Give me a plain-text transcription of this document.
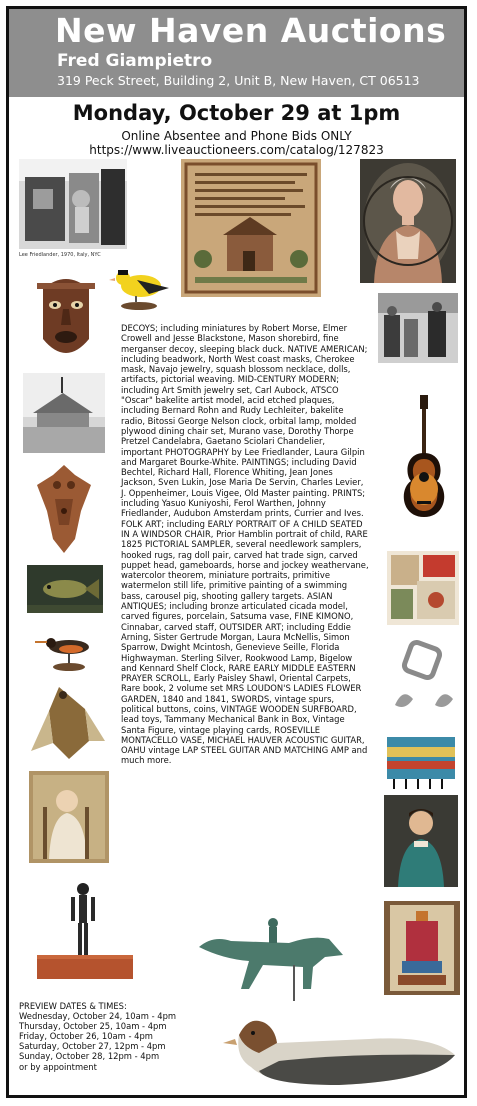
New Haven Auctions
Fred Giampietro
319 Peck Street, Building 2, Unit B, New Haven, CT 06513
Monday, October 29 at 1pm
Online Absentee and Phone Bids ONLY
https://www.liveauctioneers.com/catalog/127823
Lee Friedlander, 1970, Italy, NYC
DECOYS; including miniatures by Robert Morse, Elmer Crowell and Jesse Blackstone, Mason shorebird, fine merganser decoy, sleeping black duck. NATIVE AMERICAN; including beadwork, North West coast masks, Cherokee mask, Navajo jewelry, squash blossom necklace, dolls, artifacts, pictorial weaving. MID-CENTURY MODERN; including Art Smith jewelry set, Carl Aubock, ATSCO "Oscar" bakelite artist model, acid etched plaques, including Bernard Rohn and Rudy Lechleiter, bakelite radio, Bitossi George Nelson clock, orbital lamp, molded plywood dining chair set, Murano vase, Dorothy Thorpe Pretzel Candelabra, Gaetano Sciolari Chandelier, important PHOTOGRAPHY by Lee Friedlander, Laura Gilpin and Margaret Bourke-White. PAINTINGS; including David Bechtel, Richard Hall, Florence Whiting, Jean Jones Jackson, Sven Lukin, Jose Maria De Servin, Charles Levier, J. Oppenheimer, Louis Vigee, Old Master painting. PRINTS; including Yasuo Kuniyoshi, Ferol Warthen, Johnny Friedlander, Audubon Amsterdam prints, Currier and Ives. FOLK ART; including EARLY PORTRAIT OF A CHILD SEATED IN A WINDSOR CHAIR, Prior Hamblin portrait of child, RARE 1825 PICTORIAL SAMPLER, several needlework samplers, hooked rugs, rag doll pair, carved hat trade sign, carved puppet head, gameboards, horse and jockey weathervane, watercolor theorem, miniature portraits, primitive watermelon still life, primitive painting of a swimming bass, carousel pig, shooting gallery targets. ASIAN ANTIQUES; including bronze articulated cicada model, carved figures, porcelain, Satsuma vase, FINE KIMONO, Cinnabar, carved staff, OUTSIDER ART; including Eddie Arning, Sister Gertrude Morgan, Laura McNellis, Simon Sparrow, Dwight Mcintosh, Genevieve Seille, Florida Highwayman. Sterling Silver, Rookwood Lamp, Bigelow and Kennard Shelf Clock, RARE EARLY MIDDLE EASTERN PRAYER SCROLL, Early Paisley Shawl, Oriental Carpets, Rare book, 2 volume set MRS LOUDON'S LADIES FLOWER GARDEN, 1840 and 1841, SWORDS, vintage spurs, political buttons, coins, VINTAGE WOODEN SURFBOARD, lead toys, Tammany Mechanical Bank in Box, Vintage Santa Figure, vintage playing cards, ROSEVILLE MONTACELLO VASE, MICHAEL HAUVER ACOUSTIC GUITAR, OAHU vintage LAP STEEL GUITAR AND MATCHING AMP and much more.
PREVIEW DATES & TIMES:
Wednesday, October 24, 10am - 4pm
Thursday, October 25, 10am - 4pm
Friday, October 26, 10am - 4pm
Saturday, October 27, 12pm - 4pm
Sunday, October 28, 12pm - 4pm
or by appointment
